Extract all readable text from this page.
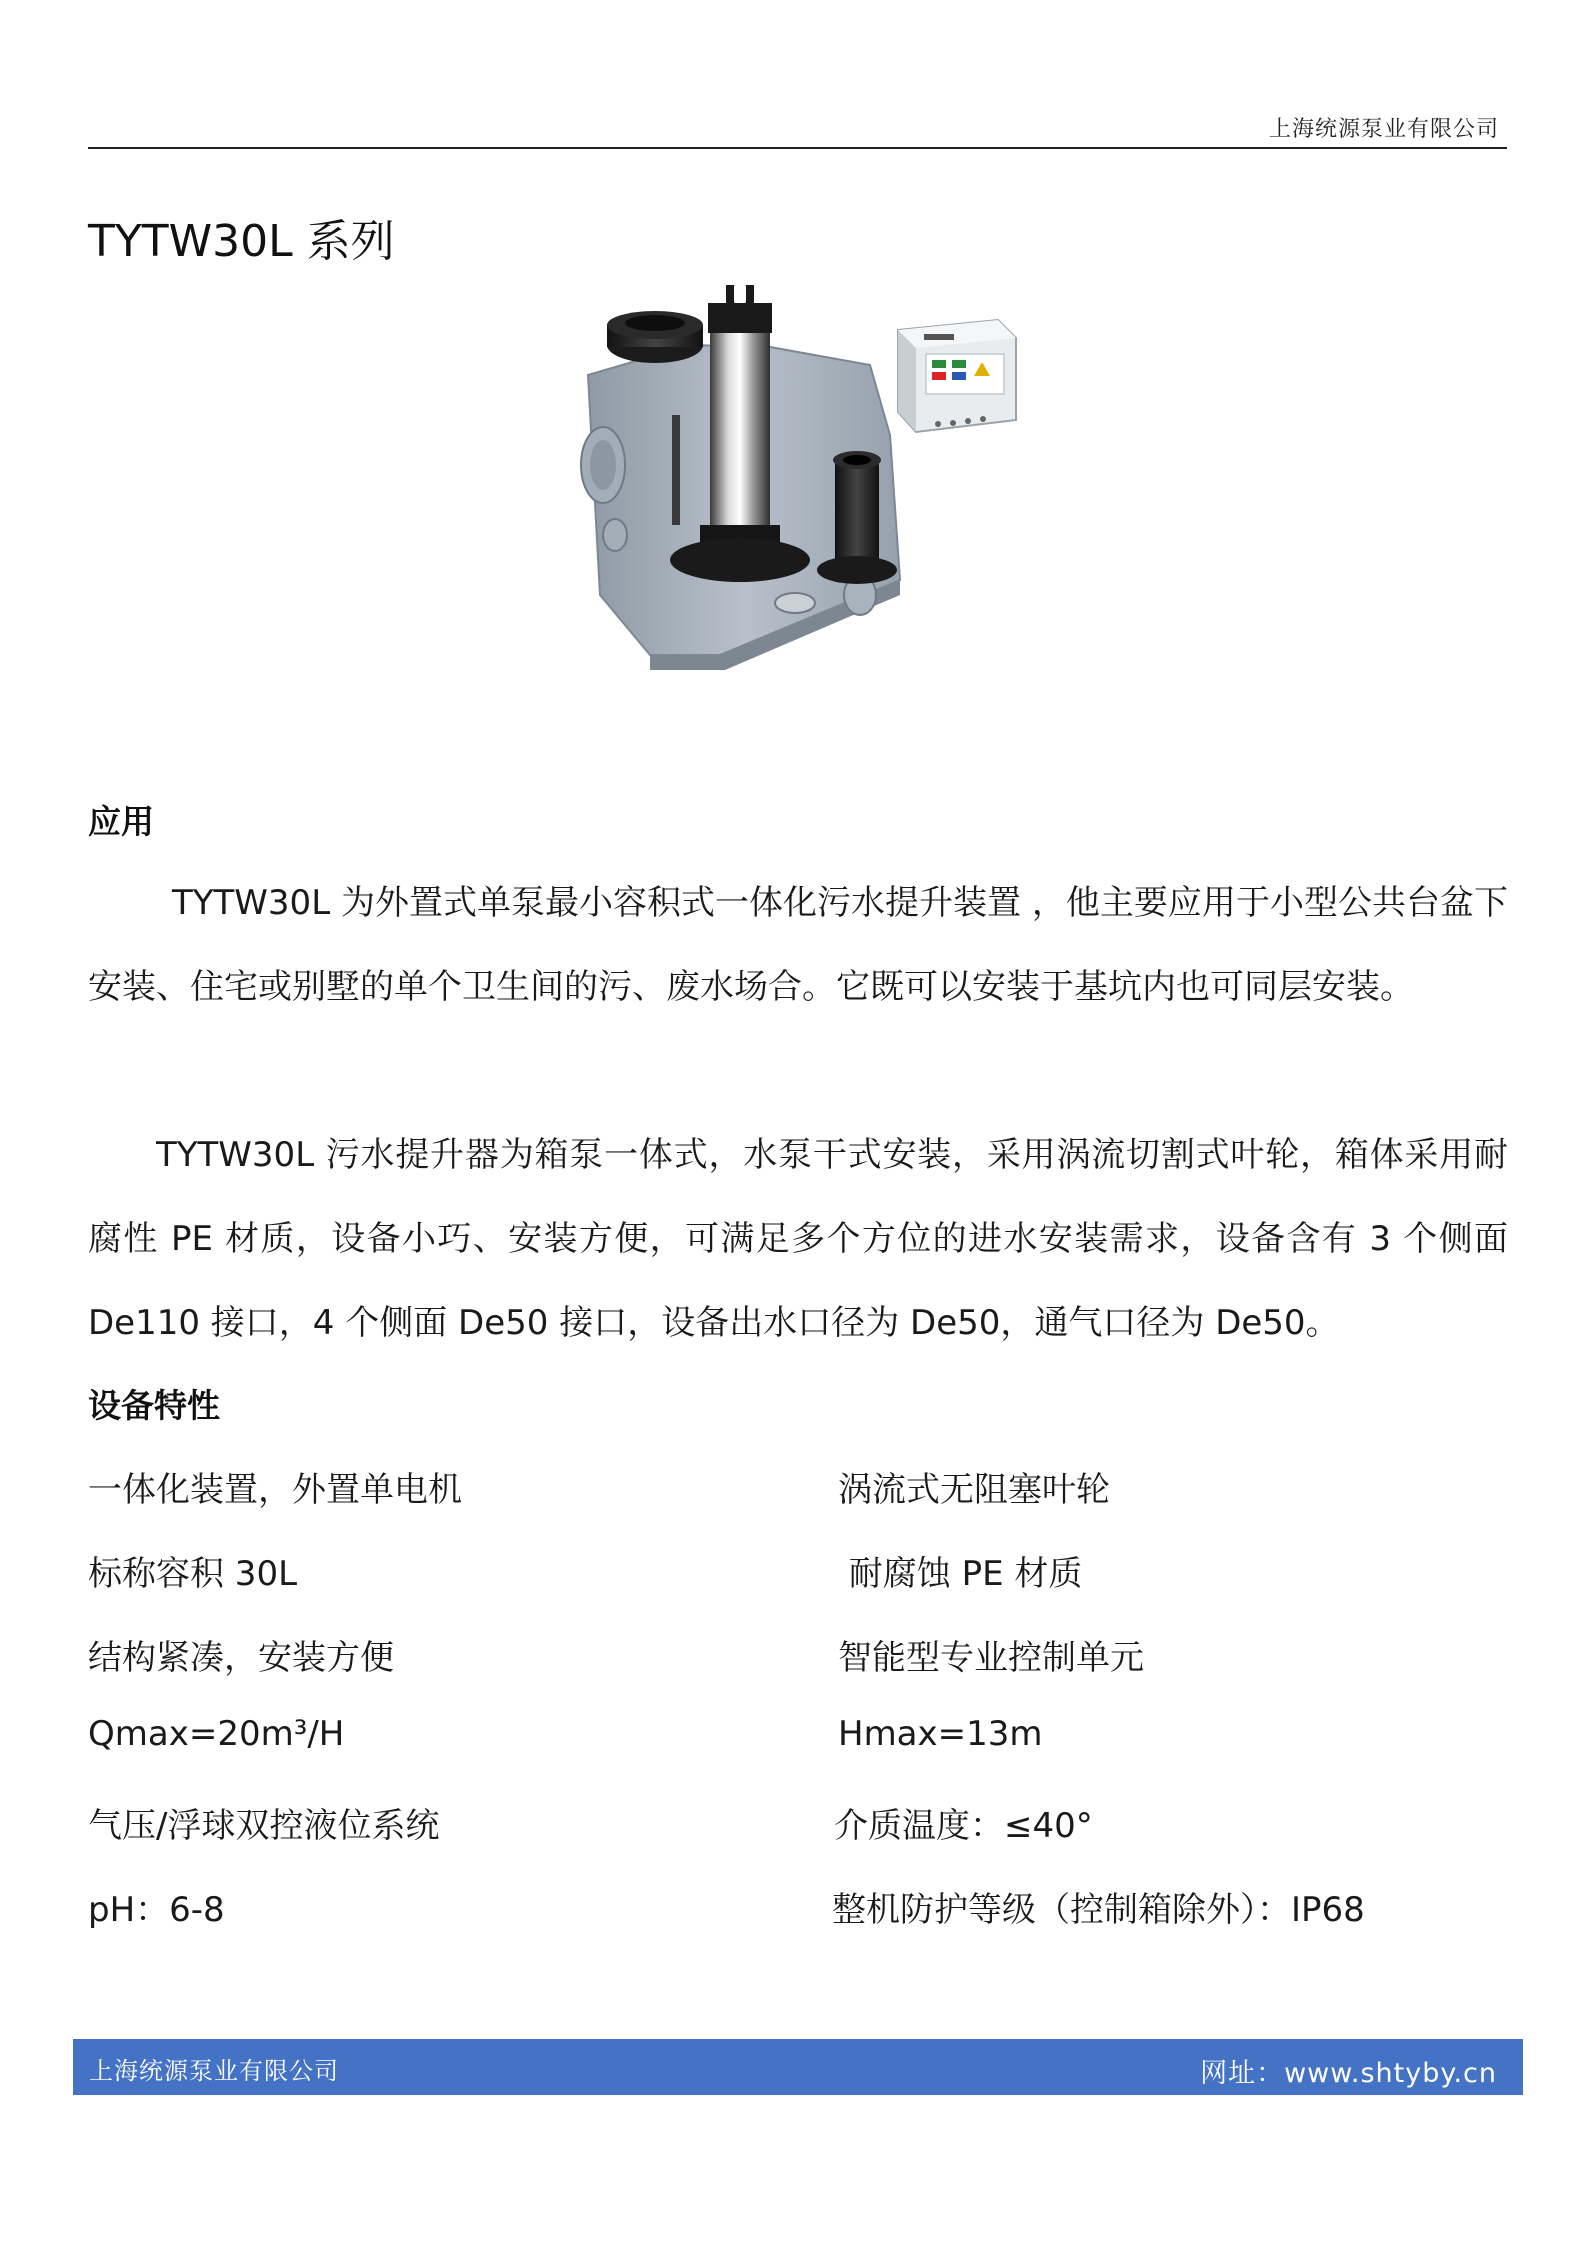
上海统源泵业有限公司
TYTW30L 系列
应用
TYTW30L 为外置式单泵最小容积式一体化污水提升装置 ，他主要应用于小型公共台盆下安装、住宅或别墅的单个卫生间的污、废水场合。它既可以安装于基坑内也可同层安装。
TYTW30L 污水提升器为箱泵一体式，水泵干式安装，采用涡流切割式叶轮，箱体采用耐腐性 PE 材质，设备小巧、安装方便，可满足多个方位的进水安装需求，设备含有 3 个侧面 De110 接口，4 个侧面 De50 接口，设备出水口径为 De50，通气口径为 De50。
设备特性
一体化装置，外置单电机
标称容积 30L
结构紧凑，安装方便
Qmax=20m³/H
气压/浮球双控液位系统
pH：6-8
涡流式无阻塞叶轮
耐腐蚀 PE 材质
智能型专业控制单元
Hmax=13m
介质温度：≤40°
整机防护等级（控制箱除外）：IP68
上海统源泵业有限公司	网址：www.shtyby.cn
